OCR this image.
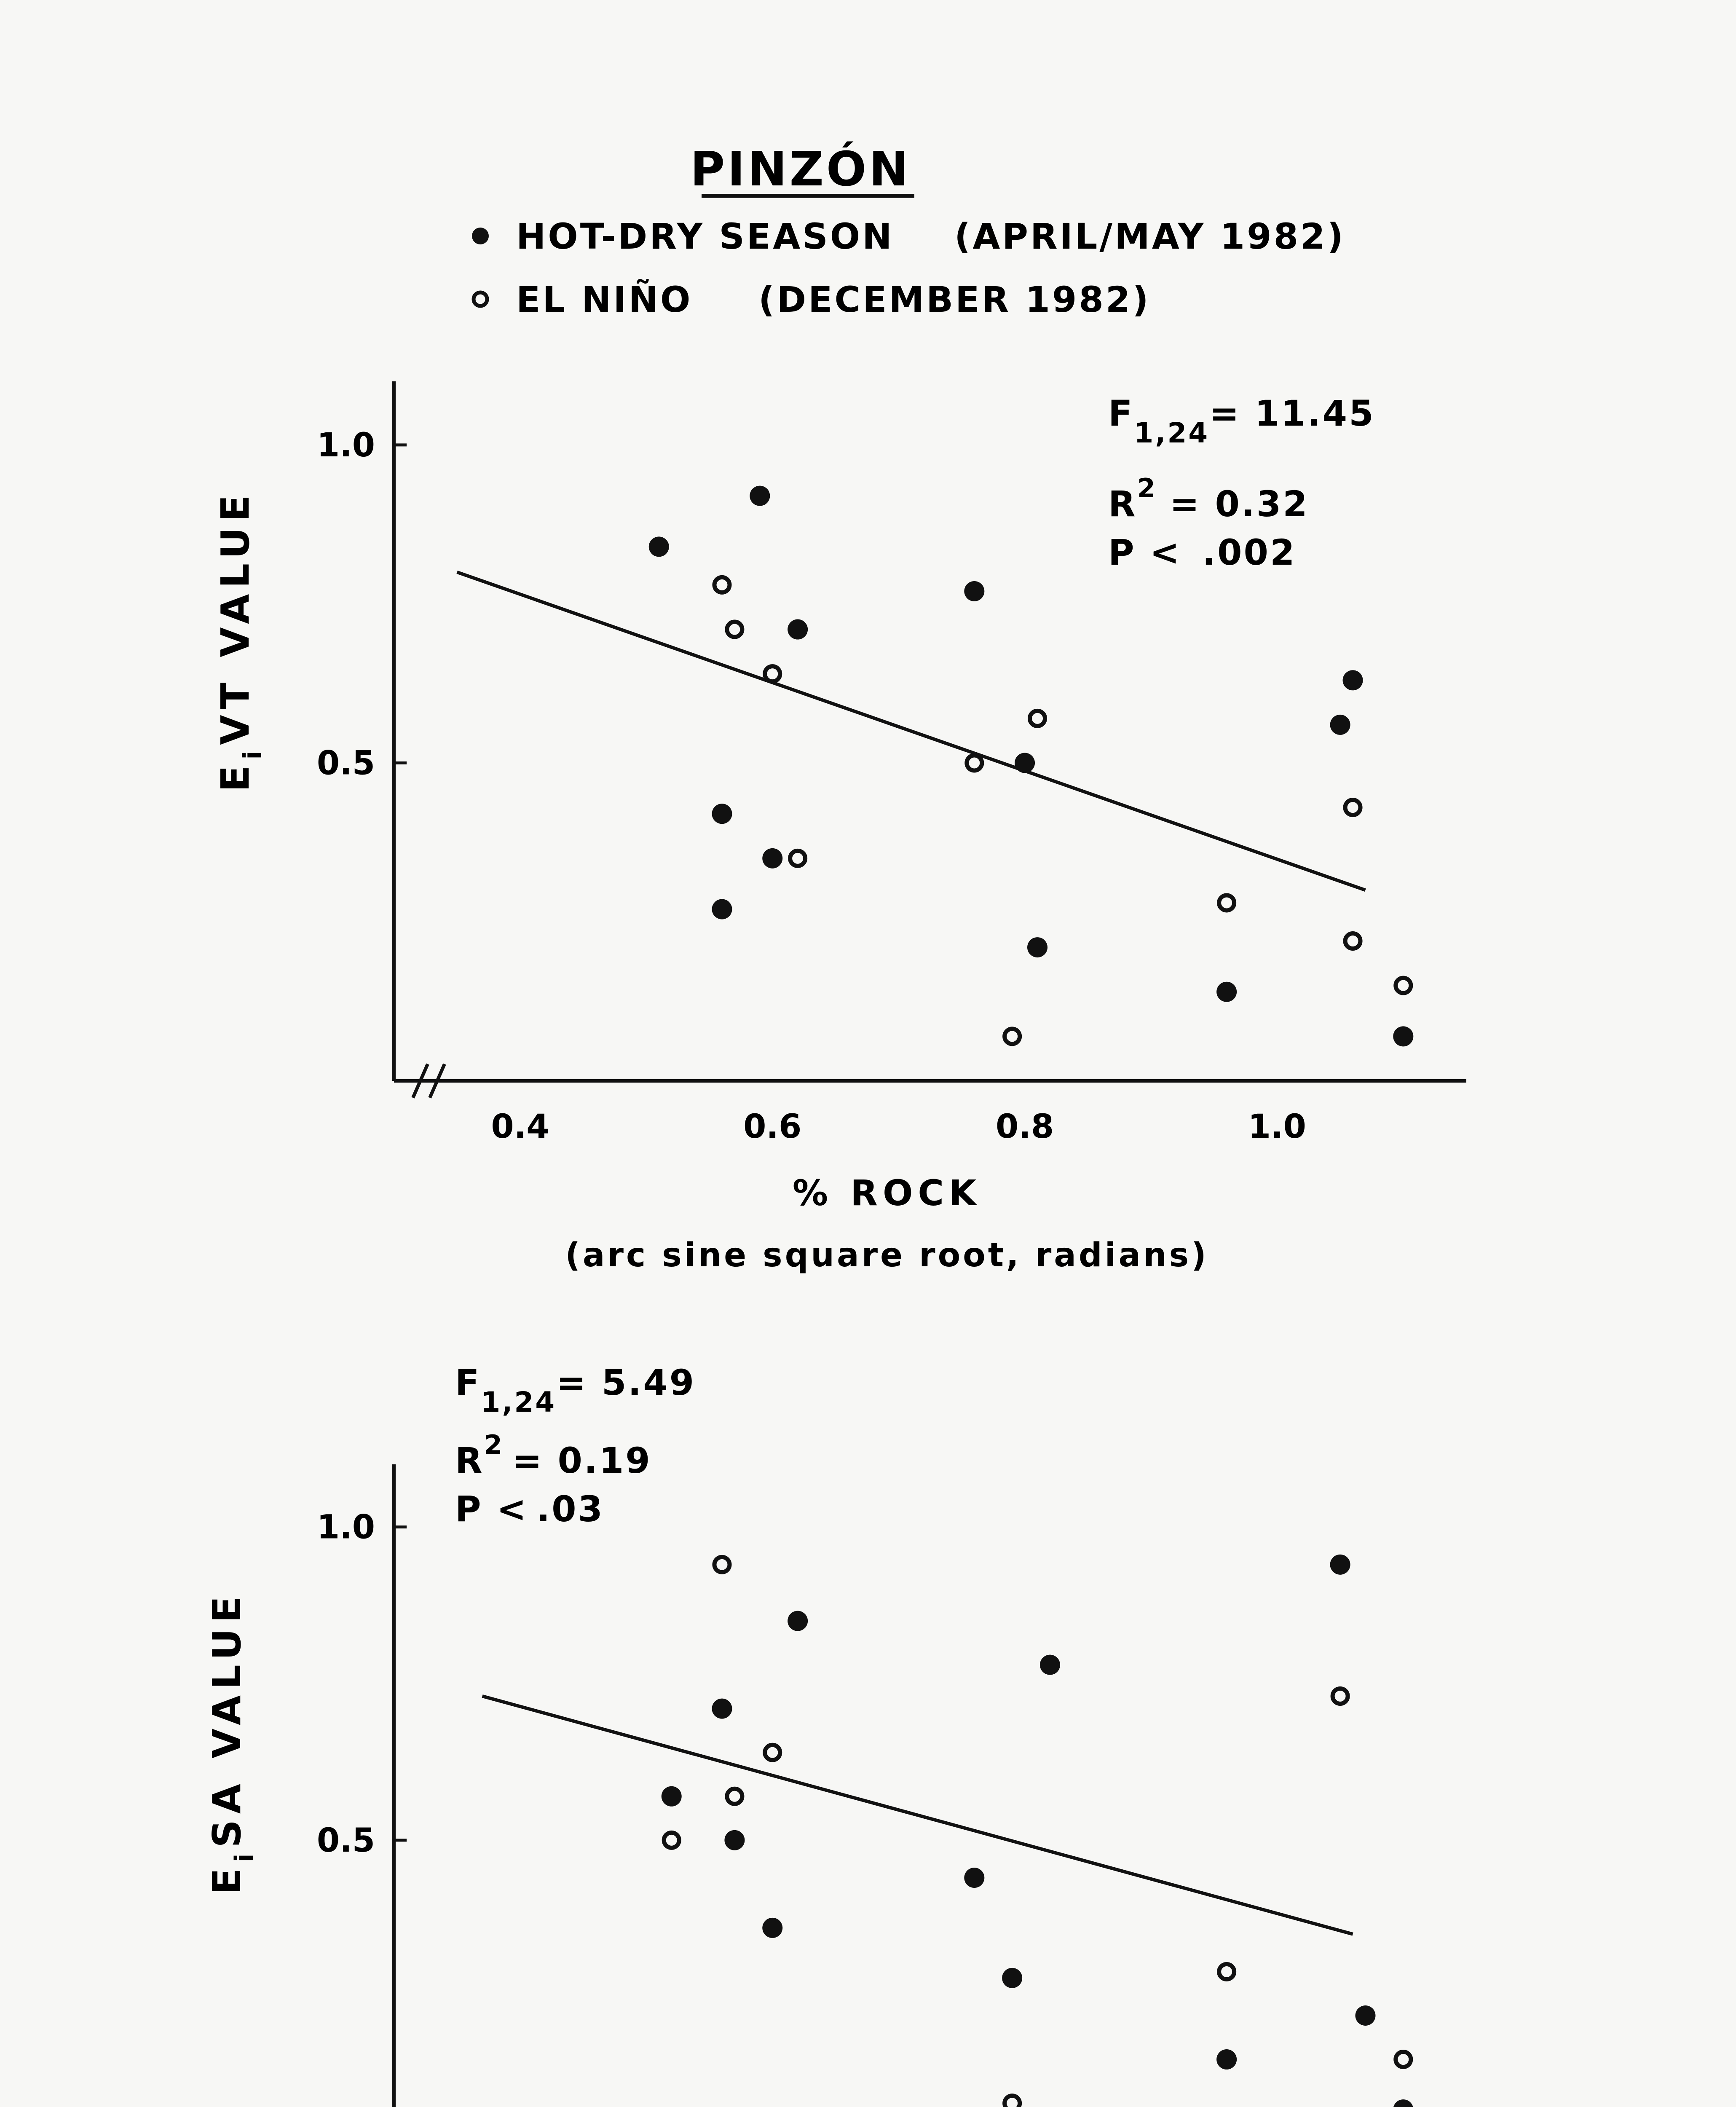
PINZÓN
HOT-DRY SEASON (APRIL/MAY 1982)
EL NIÑO (DECEMBER 1982)
0.4	0.6	0.8	1.0
0.5
1.0
$E_iVT$ VALUE
% ROCK
(arc sine square root, radians)
$F_{1,24}= 11.45$
$R^2 = 0.32$
P < .002
0.5
1.0
$E_iSA$ VALUE
$F_{1,24}= 5.49$
$R^2 = 0.19$
P < .03
